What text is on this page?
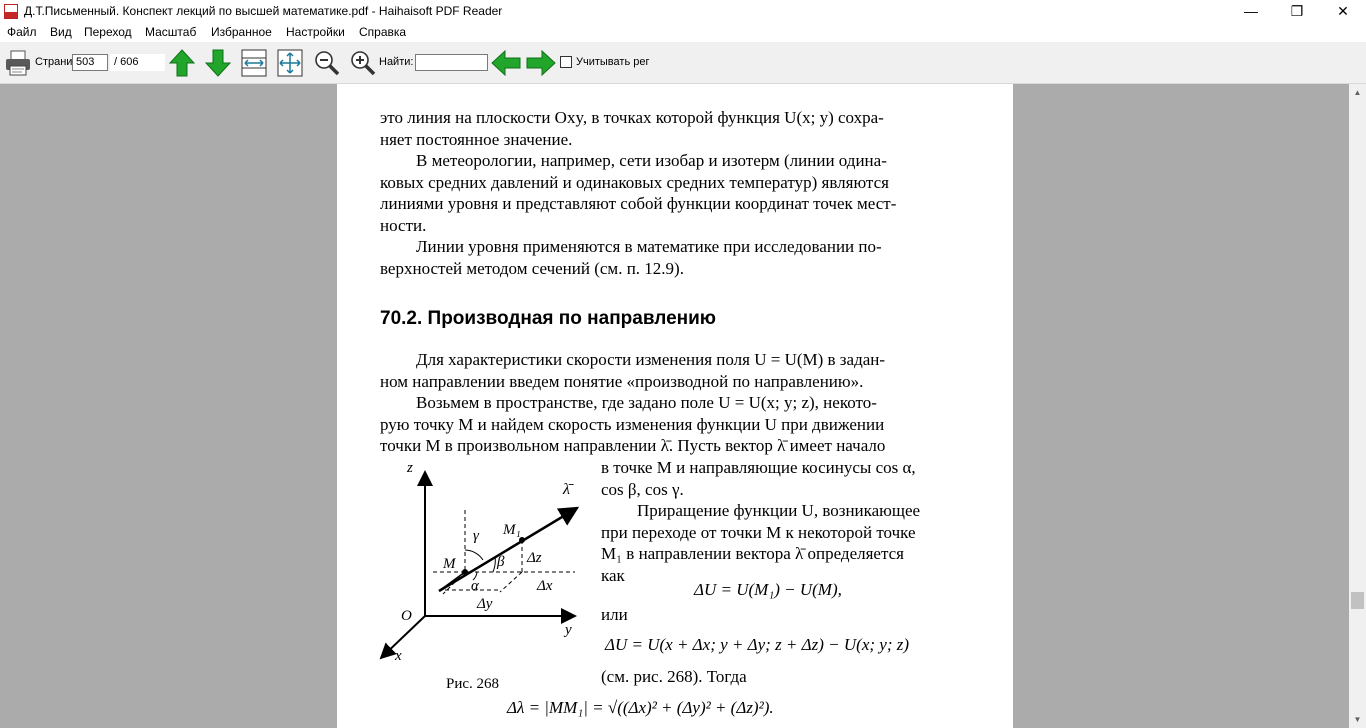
Д.Т.Письменный. Конспект лекций по высшей математике.pdf - Haihaisoft PDF Reader	—	❐	✕
Файл Вид Переход Масштаб Избранное Настройки Справка
Страни 503	/ 606	Найти:	Учитывать рег
это линия на плоскости Oxy, в точках которой функция U(x; y) сохра-
няет постоянное значение.
В метеорологии, например, сети изобар и изотерм (линии одина-
ковых средних давлений и одинаковых средних температур) являются
линиями уровня и представляют собой функции координат точек мест-
ности.
Линии уровня применяются в математике при исследовании по-
верхностей методом сечений (см. п. 12.9).
70.2. Производная по направлению
Для характеристики скорости изменения поля U = U(M) в задан-
ном направлении введем понятие «производной по направлению».
Возьмем в пространстве, где задано поле U = U(x; y; z), некото-
рую точку M и найдем скорость изменения функции U при движении
точки M в произвольном направлении λ̄. Пусть вектор λ̄ имеет начало
в точке M и направляющие косинусы cos α,
cos β, cos γ.
Приращение функции U, возникающее
при переходе от точки M к некоторой точке
M₁ в направлении вектора λ̄ определяется
как
ΔU = U(M₁) − U(M),
или
ΔU = U(x + Δx; y + Δy; z + Δz) − U(x; y; z)
(см. рис. 268). Тогда
Δλ = |MM₁| = √((Δx)² + (Δy)² + (Δz)²).
Рис. 268
z
y
x
O
M
M₁
λ̄
γ
β
α
Δz
Δx
Δy
▲
▼
